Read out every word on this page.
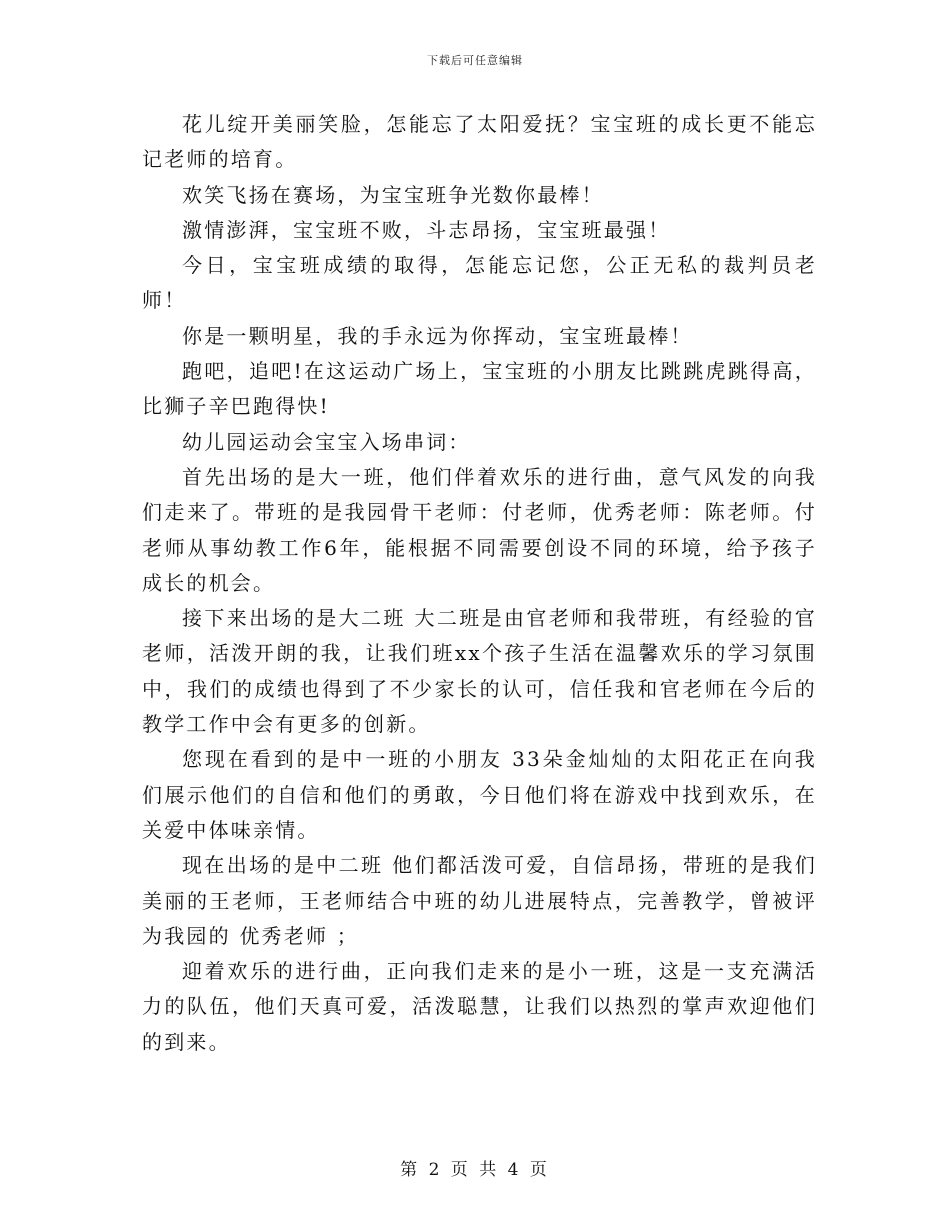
下载后可任意编辑

花儿绽开美丽笑脸，怎能忘了太阳爱抚？宝宝班的成长更不能忘记老师的培育。

欢笑飞扬在赛场，为宝宝班争光数你最棒！

激情澎湃，宝宝班不败，斗志昂扬，宝宝班最强！

今日，宝宝班成绩的取得，怎能忘记您，公正无私的裁判员老师！

你是一颗明星，我的手永远为你挥动，宝宝班最棒！

跑吧，追吧!在这运动广场上，宝宝班的小朋友比跳跳虎跳得高，比狮子辛巴跑得快!

幼儿园运动会宝宝入场串词：

首先出场的是大一班，他们伴着欢乐的进行曲，意气风发的向我们走来了。带班的是我园骨干老师：付老师，优秀老师：陈老师。付老师从事幼教工作6年，能根据不同需要创设不同的环境，给予孩子成长的机会。

接下来出场的是大二班 大二班是由官老师和我带班，有经验的官老师，活泼开朗的我，让我们班xx个孩子生活在温馨欢乐的学习氛围中，我们的成绩也得到了不少家长的认可，信任我和官老师在今后的教学工作中会有更多的创新。

您现在看到的是中一班的小朋友 33朵金灿灿的太阳花正在向我们展示他们的自信和他们的勇敢，今日他们将在游戏中找到欢乐，在关爱中体味亲情。

现在出场的是中二班 他们都活泼可爱，自信昂扬，带班的是我们美丽的王老师，王老师结合中班的幼儿进展特点，完善教学，曾被评为我园的 优秀老师 ；

迎着欢乐的进行曲，正向我们走来的是小一班，这是一支充满活力的队伍，他们天真可爱，活泼聪慧，让我们以热烈的掌声欢迎他们的到来。

第 2 页 共 4 页
